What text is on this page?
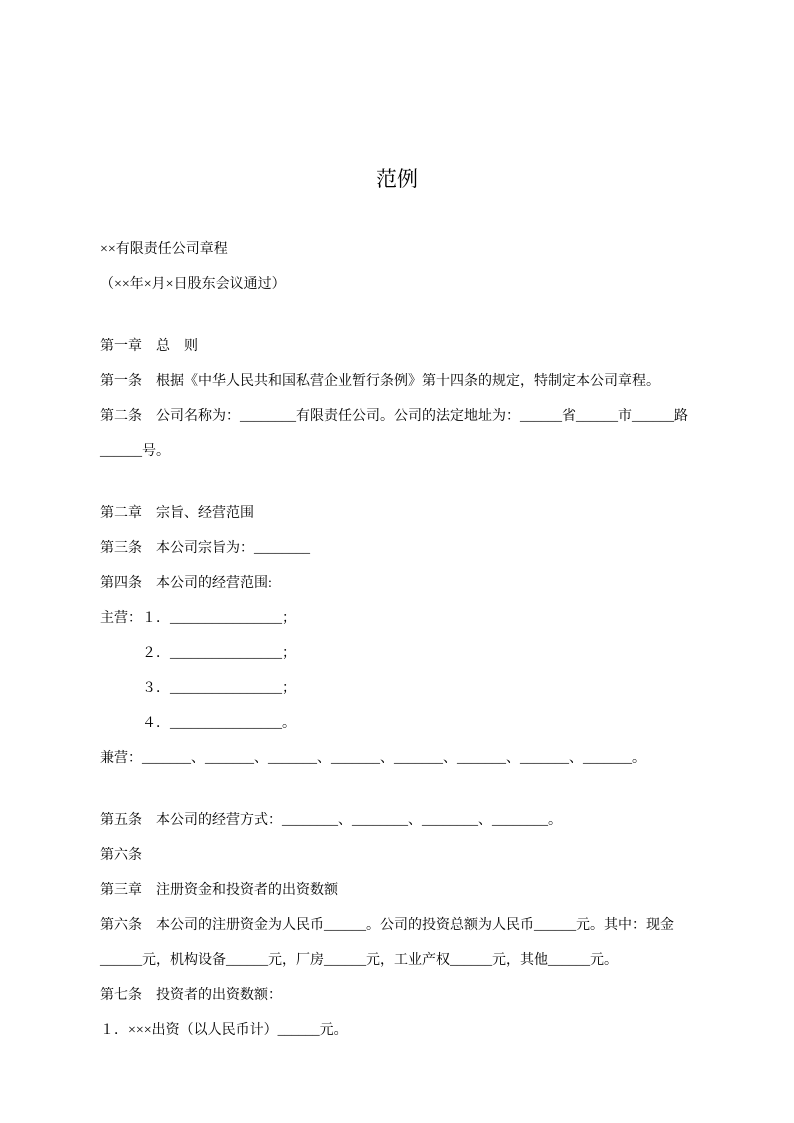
范例

××有限责任公司章程

（××年×月×日股东会议通过）

第一章　总　则

第一条　根据《中华人民共和国私营企业暂行条例》第十四条的规定，特制定本公司章程。

第二条　公司名称为：________有限责任公司。公司的法定地址为：______省______市______路______号。

第二章　宗旨、经营范围

第三条　本公司宗旨为：________

第四条　本公司的经营范围:

主营：１．________________；

２．________________；

３．________________；

４．________________。

兼营：_______、_______、_______、_______、_______、_______、_______、_______。

第五条　本公司的经营方式：________、________、________、________。

第六条

第三章　注册资金和投资者的出资数额

第六条　本公司的注册资金为人民币______。公司的投资总额为人民币______元。其中：现金______元，机构设备______元，厂房______元，工业产权______元，其他______元。

第七条　投资者的出资数额：

１．×××出资（以人民币计）______元。
